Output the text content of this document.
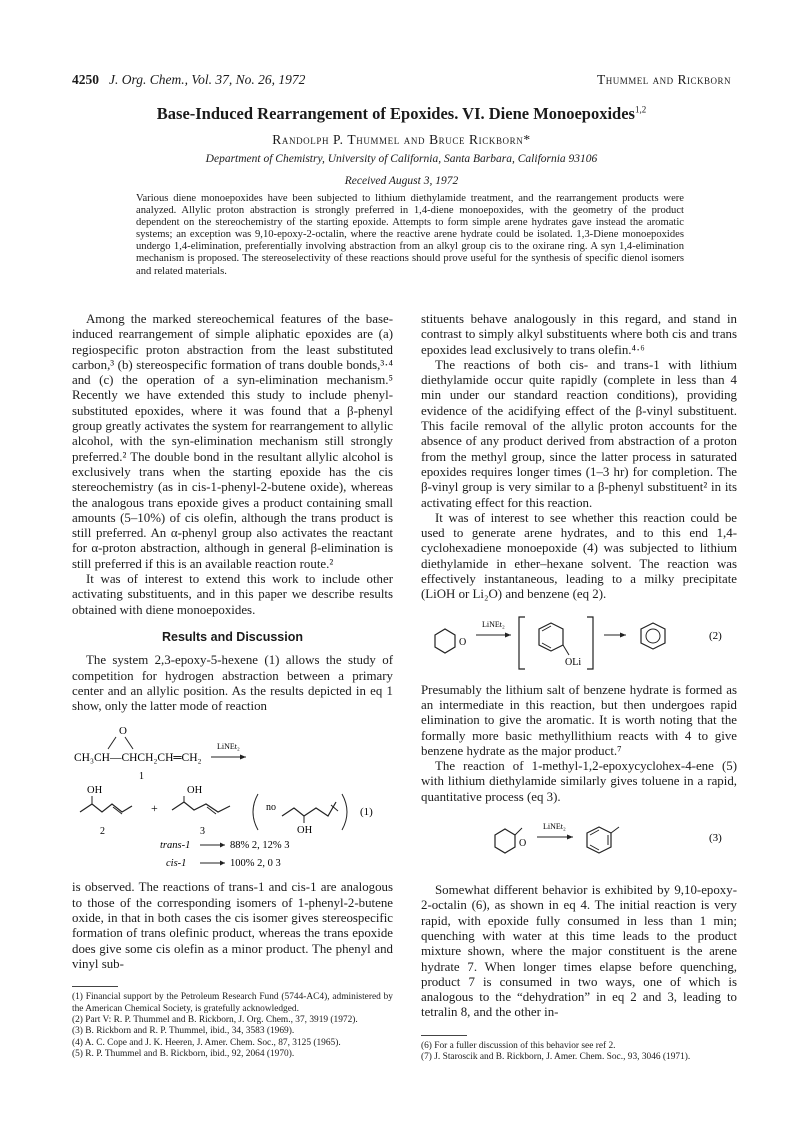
4250 J. Org. Chem., Vol. 37, No. 26, 1972	Thummel and Rickborn
Base-Induced Rearrangement of Epoxides. VI. Diene Monoepoxides$^{1,2}$
Randolph P. Thummel and Bruce Rickborn*
Department of Chemistry, University of California, Santa Barbara, California 93106
Received August 3, 1972
Various diene monoepoxides have been subjected to lithium diethylamide treatment, and the rearrangement products were analyzed. Allylic proton abstraction is strongly preferred in 1,4-diene monoepoxides, with the geometry of the product dependent on the stereochemistry of the starting epoxide. Attempts to form simple arene hydrates gave instead the aromatic systems; an exception was 9,10-epoxy-2-octalin, where the reactive arene hydrate could be isolated. 1,3-Diene monoepoxides undergo 1,4-elimination, preferentially involving abstraction from an alkyl group cis to the oxirane ring. A syn 1,4-elimination mechanism is proposed. The stereoselectivity of these reactions should prove useful for the synthesis of specific dienol isomers and related materials.

Among the marked stereochemical features of the base-induced rearrangement of simple aliphatic epoxides are (a) regiospecific proton abstraction from the least substituted carbon,³ (b) stereospecific formation of trans double bonds,³·⁴ and (c) the operation of a syn-elimination mechanism.⁵ Recently we have extended this study to include phenyl-substituted epoxides, where it was found that a β-phenyl group greatly activates the system for rearrangement to allylic alcohol, with the syn-elimination mechanism still strongly preferred.² The double bond in the resultant allylic alcohol is exclusively trans when the starting epoxide has the cis stereochemistry (as in cis-1-phenyl-2-butene oxide), whereas the analogous trans epoxide gives a product containing small amounts (5–10%) of cis olefin, although the trans product is still preferred. An α-phenyl group also activates the reactant for α-proton abstraction, although in general β-elimination is still preferred if this is an available reaction route.²

It was of interest to extend this work to include other activating substituents, and in this paper we describe results obtained with diene monoepoxides.

Results and Discussion

The system 2,3-epoxy-5-hexene (1) allows the study of competition for hydrogen abstraction between a primary center and an allylic position. As the results depicted in eq 1 show, only the latter mode of reaction

O
CH₃CH—CHCH₂CH═CH₂
LiNEt₂
1
OH
2
+
OH
3
no
OH
(1)
trans-1	88% 2, 12% 3
cis-1	100% 2, 0 3

is observed. The reactions of trans-1 and cis-1 are analogous to those of the corresponding isomers of 1-phenyl-2-butene oxide, in that in both cases the cis isomer gives stereospecific formation of trans olefinic product, whereas the trans epoxide does give some cis olefin as a minor product. The phenyl and vinyl sub-

(1) Financial support by the Petroleum Research Fund (5744-AC4), administered by the American Chemical Society, is gratefully acknowledged.
(2) Part V: R. P. Thummel and B. Rickborn, J. Org. Chem., 37, 3919 (1972).
(3) B. Rickborn and R. P. Thummel, ibid., 34, 3583 (1969).
(4) A. C. Cope and J. K. Heeren, J. Amer. Chem. Soc., 87, 3125 (1965).
(5) R. P. Thummel and B. Rickborn, ibid., 92, 2064 (1970).

stituents behave analogously in this regard, and stand in contrast to simply alkyl substituents where both cis and trans epoxides lead exclusively to trans olefin.⁴·⁶

The reactions of both cis- and trans-1 with lithium diethylamide occur quite rapidly (complete in less than 4 min under our standard reaction conditions), providing evidence of the acidifying effect of the β-vinyl substituent. This facile removal of the allylic proton accounts for the absence of any product derived from abstraction of a proton from the methyl group, since the latter process in saturated epoxides requires longer times (1–3 hr) for completion. The β-vinyl group is very similar to a β-phenyl substituent² in its activating effect for this reaction.

It was of interest to see whether this reaction could be used to generate arene hydrates, and to this end 1,4-cyclohexadiene monoepoxide (4) was subjected to lithium diethylamide in ether–hexane solvent. The reaction was effectively instantaneous, leading to a milky precipitate (LiOH or Li₂O) and benzene (eq 2).

O
LiNEt₂
OLi
(2)

Presumably the lithium salt of benzene hydrate is formed as an intermediate in this reaction, but then undergoes rapid elimination to give the aromatic. It is worth noting that the formally more basic methyllithium reacts with 4 to give benzene hydrate as the major product.⁷

The reaction of 1-methyl-1,2-epoxycyclohex-4-ene (5) with lithium diethylamide similarly gives toluene in a rapid, quantitative process (eq 3).

O
LiNEt₂
(3)

Somewhat different behavior is exhibited by 9,10-epoxy-2-octalin (6), as shown in eq 4. The initial reaction is very rapid, with epoxide fully consumed in less than 1 min; quenching with water at this time leads to the product mixture shown, where the major constituent is the arene hydrate 7. When longer times elapse before quenching, product 7 is consumed in two ways, one of which is analogous to the “dehydration” in eq 2 and 3, leading to tetralin 8, and the other in-

(6) For a fuller discussion of this behavior see ref 2.
(7) J. Staroscik and B. Rickborn, J. Amer. Chem. Soc., 93, 3046 (1971).
